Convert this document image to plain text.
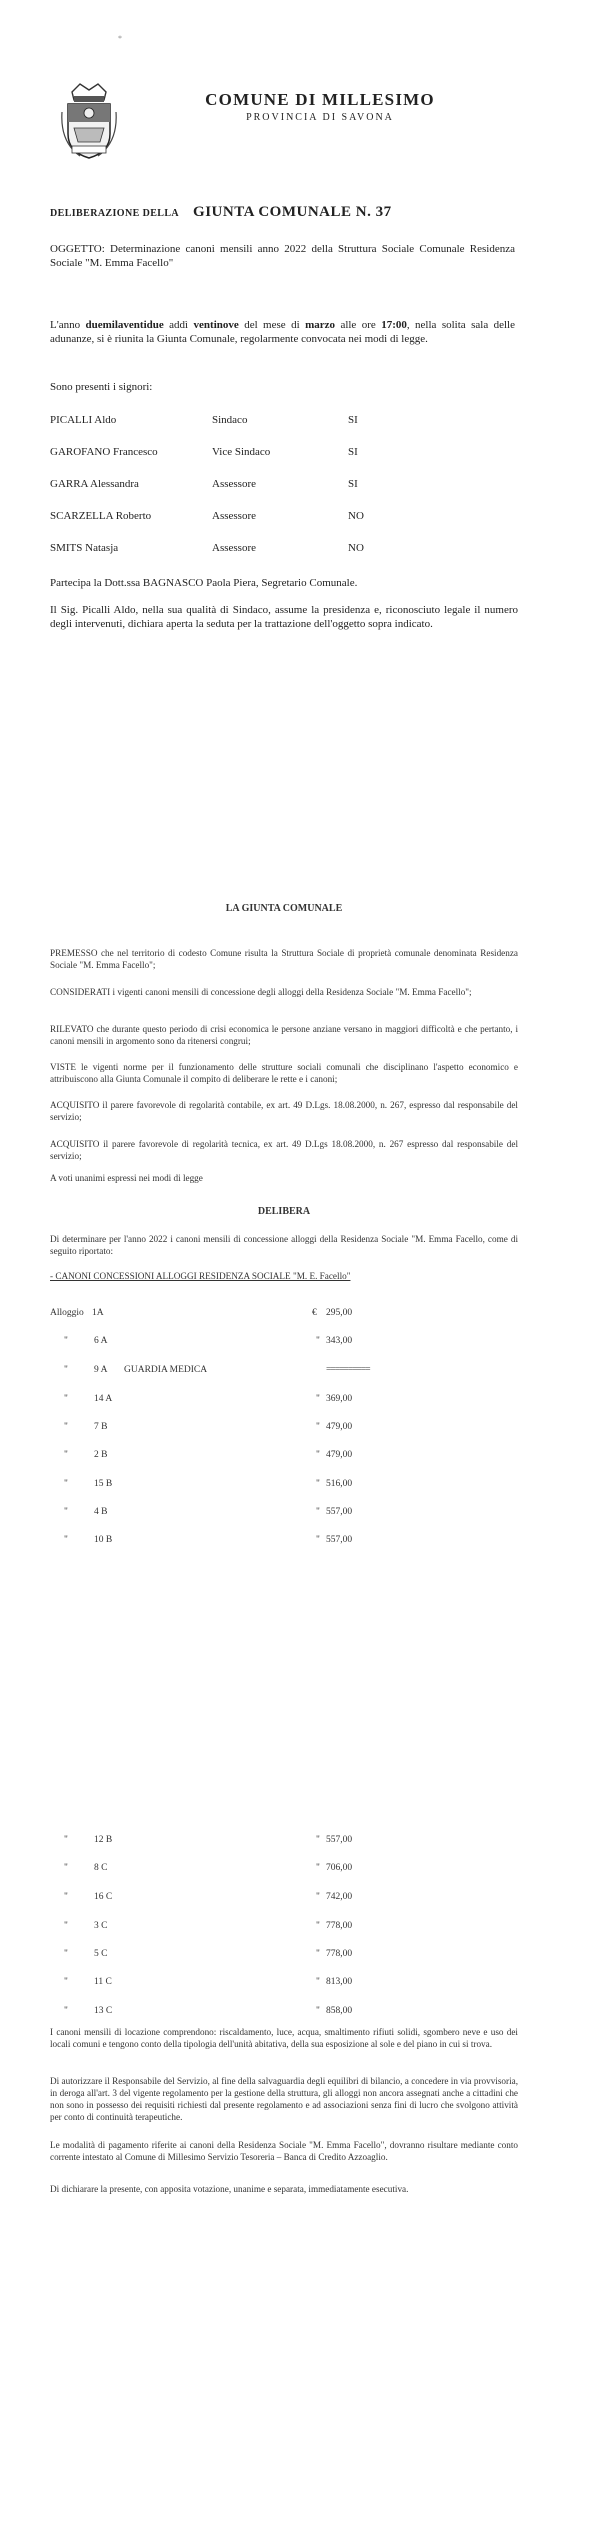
*
COMUNE DI MILLESIMO
PROVINCIA DI SAVONA
DELIBERAZIONE DELLA GIUNTA COMUNALE N. 37
OGGETTO: Determinazione canoni mensili anno 2022 della Struttura Sociale Comunale Residenza Sociale "M. Emma Facello"
L'anno duemilaventidue addì ventinove del mese di marzo alle ore 17:00, nella solita sala delle adunanze, si è riunita la Giunta Comunale, regolarmente convocata nei modi di legge.
Sono presenti i signori:
PICALLI Aldo	Sindaco	SI
GAROFANO Francesco	Vice Sindaco	SI
GARRA Alessandra	Assessore	SI
SCARZELLA Roberto	Assessore	NO
SMITS Natasja	Assessore	NO
Partecipa la Dott.ssa BAGNASCO Paola Piera, Segretario Comunale.
Il Sig. Picalli Aldo, nella sua qualità di Sindaco, assume la presidenza e, riconosciuto legale il numero degli intervenuti, dichiara aperta la seduta per la trattazione dell'oggetto sopra indicato.
LA GIUNTA COMUNALE
PREMESSO che nel territorio di codesto Comune risulta la Struttura Sociale di proprietà comunale denominata Residenza Sociale "M. Emma Facello";
CONSIDERATI i vigenti canoni mensili di concessione degli alloggi della Residenza Sociale "M. Emma Facello";
RILEVATO che durante questo periodo di crisi economica le persone anziane versano in maggiori difficoltà e che pertanto, i canoni mensili in argomento sono da ritenersi congrui;
VISTE le vigenti norme per il funzionamento delle strutture sociali comunali che disciplinano l'aspetto economico e attribuiscono alla Giunta Comunale il compito di deliberare le rette e i canoni;
ACQUISITO il parere favorevole di regolarità contabile, ex art. 49 D.Lgs. 18.08.2000, n. 267, espresso dal responsabile del servizio;
ACQUISITO il parere favorevole di regolarità tecnica, ex art. 49 D.Lgs 18.08.2000, n. 267 espresso dal responsabile del servizio;
A voti unanimi espressi nei modi di legge
DELIBERA
Di determinare per l'anno 2022 i canoni mensili di concessione alloggi della Residenza Sociale "M. Emma Facello, come di seguito riportato:
- CANONI CONCESSIONI ALLOGGI RESIDENZA SOCIALE "M. E. Facello"
Alloggio 1A	€ 295,00
"	6 A	" 343,00
"	9 A GUARDIA MEDICA	==========
"	14 A	" 369,00
"	7 B	" 479,00
"	2 B	" 479,00
"	15 B	" 516,00
"	4 B	" 557,00
"	10 B	" 557,00
"	12 B	" 557,00
"	8 C	" 706,00
"	16 C	" 742,00
"	3 C	" 778,00
"	5 C	" 778,00
"	11 C	" 813,00
"	13 C	" 858,00
I canoni mensili di locazione comprendono: riscaldamento, luce, acqua, smaltimento rifiuti solidi, sgombero neve e uso dei locali comuni e tengono conto della tipologia dell'unità abitativa, della sua esposizione al sole e del piano in cui si trova.
Di autorizzare il Responsabile del Servizio, al fine della salvaguardia degli equilibri di bilancio, a concedere in via provvisoria, in deroga all'art. 3 del vigente regolamento per la gestione della struttura, gli alloggi non ancora assegnati anche a cittadini che non sono in possesso dei requisiti richiesti dal presente regolamento e ad associazioni senza fini di lucro che svolgono attività per conto di continuità terapeutiche.
Le modalità di pagamento riferite ai canoni della Residenza Sociale "M. Emma Facello", dovranno risultare mediante conto corrente intestato al Comune di Millesimo Servizio Tesoreria – Banca di Credito Azzoaglio.
Di dichiarare la presente, con apposita votazione, unanime e separata, immediatamente esecutiva.
